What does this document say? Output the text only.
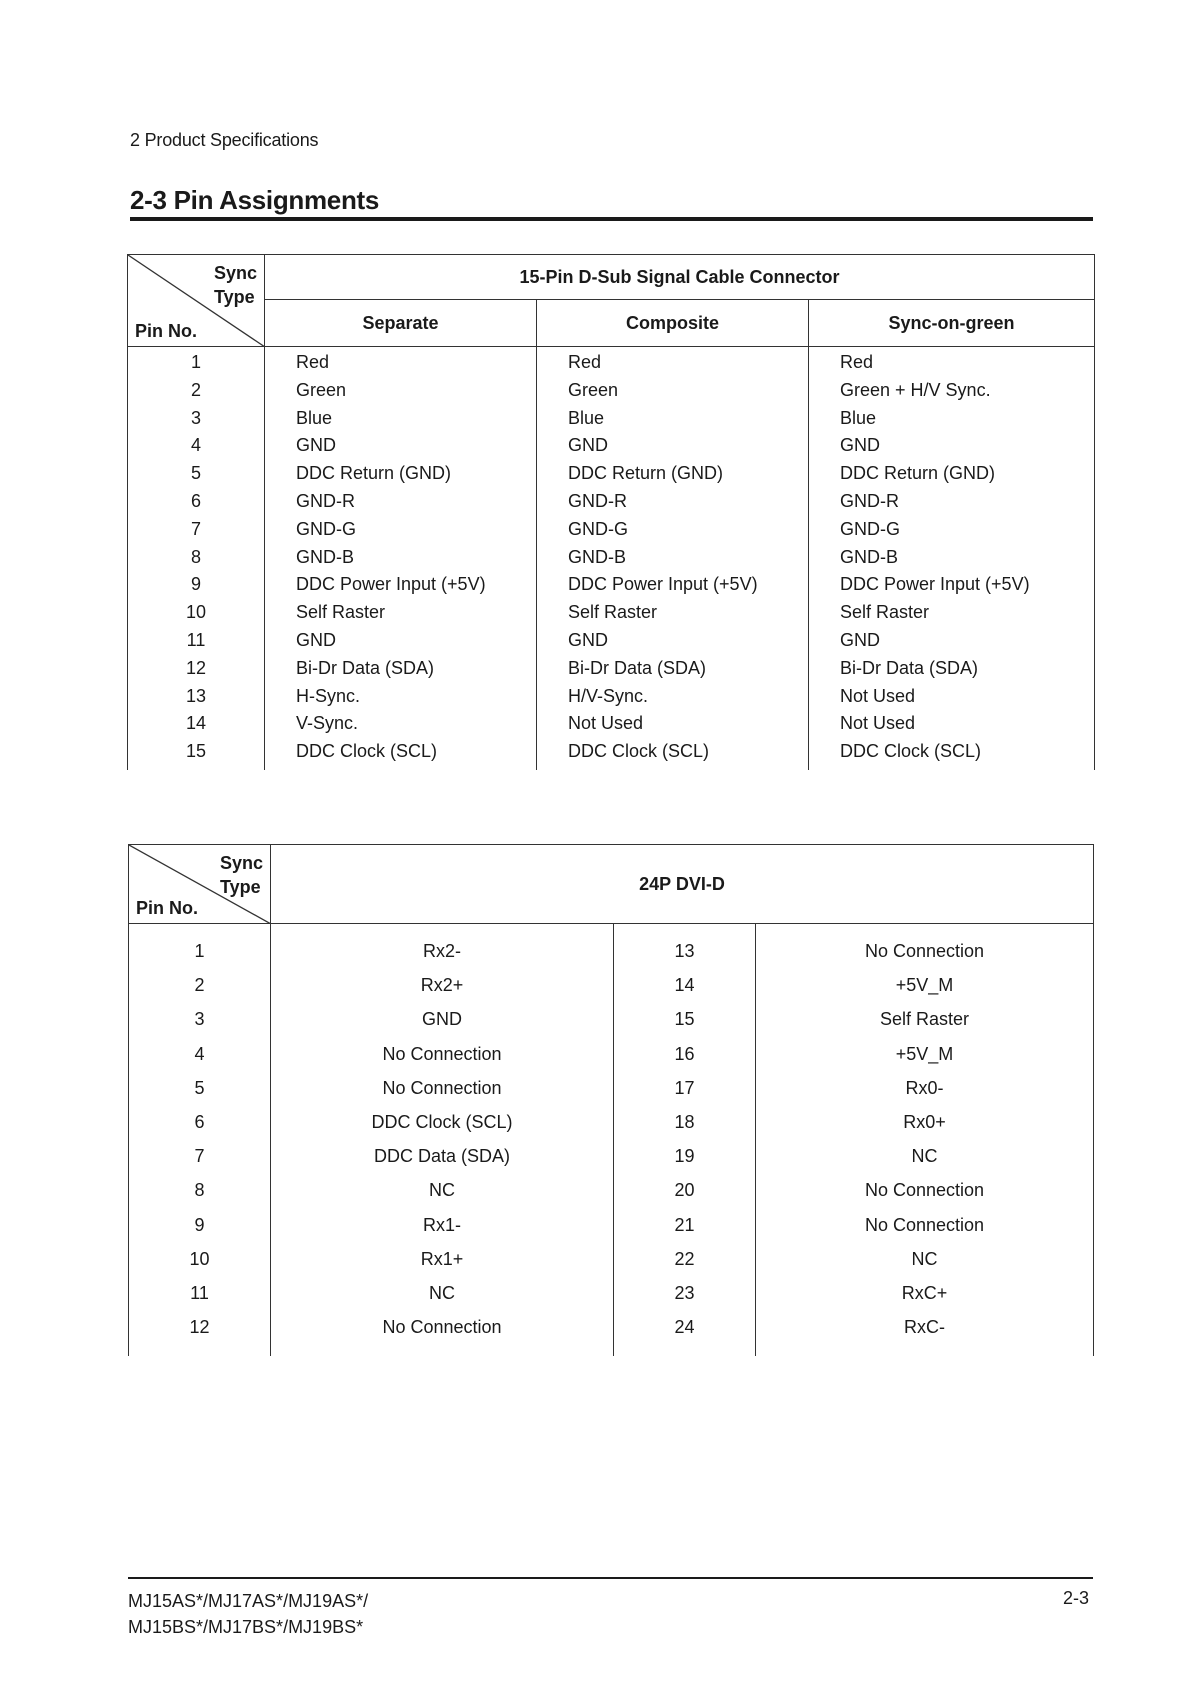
2 Product Specifications
2-3 Pin Assignments
Sync
Type
Pin No.	15-Pin D-Sub Signal Cable Connector		
	Separate	Composite	Sync-on-green
1	Red	Red	Red
2	Green	Green	Green + H/V Sync.
3	Blue	Blue	Blue
4	GND	GND	GND
5	DDC Return (GND)	DDC Return (GND)	DDC Return (GND)
6	GND-R	GND-R	GND-R
7	GND-G	GND-G	GND-G
8	GND-B	GND-B	GND-B
9	DDC Power Input (+5V)	DDC Power Input (+5V)	DDC Power Input (+5V)
10	Self Raster	Self Raster	Self Raster
11	GND	GND	GND
12	Bi-Dr Data (SDA)	Bi-Dr Data (SDA)	Bi-Dr Data (SDA)
13	H-Sync.	H/V-Sync.	Not Used
14	V-Sync.	Not Used	Not Used
15	DDC Clock (SCL)	DDC Clock (SCL)	DDC Clock (SCL)
Sync
Type
Pin No.	24P DVI-D		
1	Rx2-	13	No Connection
2	Rx2+	14	+5V_M
3	GND	15	Self Raster
4	No Connection	16	+5V_M
5	No Connection	17	Rx0-
6	DDC Clock (SCL)	18	Rx0+
7	DDC Data (SDA)	19	NC
8	NC	20	No Connection
9	Rx1-	21	No Connection
10	Rx1+	22	NC
11	NC	23	RxC+
12	No Connection	24	RxC-
MJ15AS*/MJ17AS*/MJ19AS*/
MJ15BS*/MJ17BS*/MJ19BS*
2-3
